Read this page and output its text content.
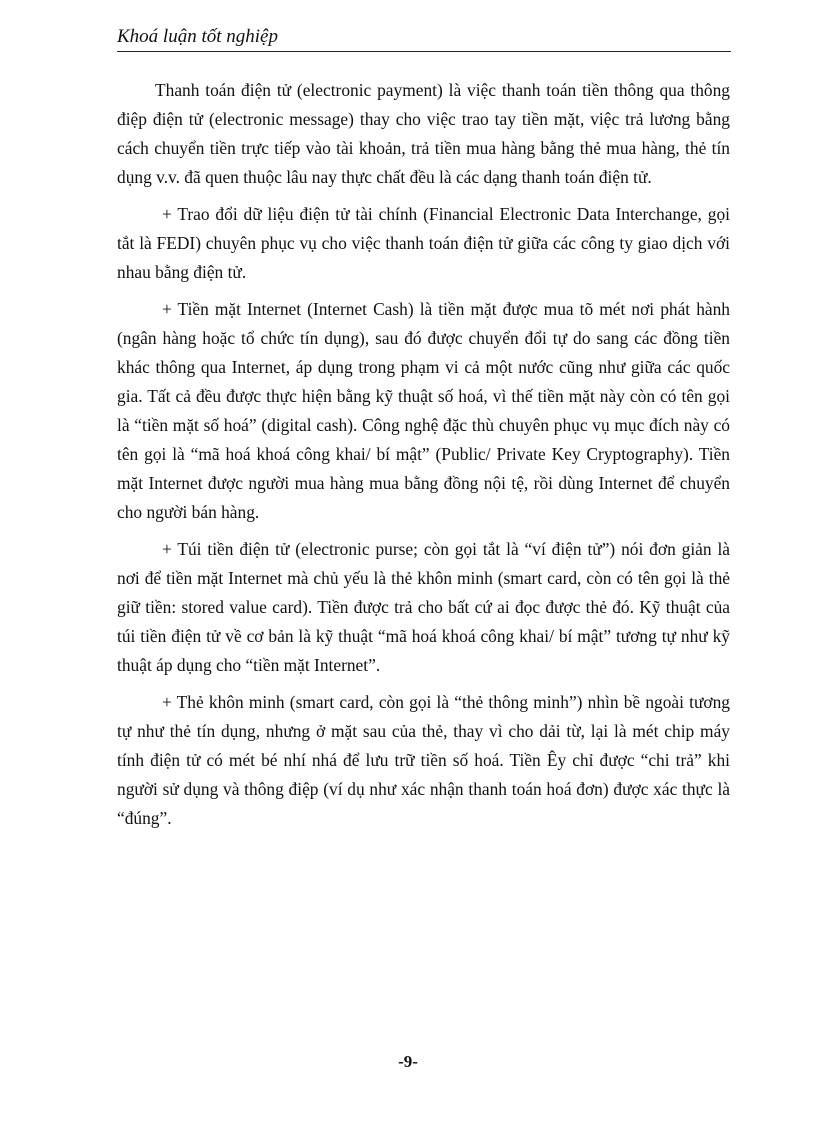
Khoá luận tốt nghiệp

Thanh toán điện tử (electronic payment) là việc thanh toán tiền thông qua thông điệp điện tử (electronic message) thay cho việc trao tay tiền mặt, việc trả lương bằng cách chuyển tiền trực tiếp vào tài khoản, trả tiền mua hàng bằng thẻ mua hàng, thẻ tín dụng v.v. đã quen thuộc lâu nay thực chất đều là các dạng thanh toán điện tử.

+ Trao đổi dữ liệu điện tử tài chính (Financial Electronic Data Interchange, gọi tắt là FEDI) chuyên phục vụ cho việc thanh toán điện tử giữa các công ty giao dịch với nhau bằng điện tử.

+ Tiền mặt Internet (Internet Cash) là tiền mặt được mua tõ mét nơi phát hành (ngân hàng hoặc tổ chức tín dụng), sau đó được chuyển đổi tự do sang các đồng tiền khác thông qua Internet, áp dụng trong phạm vi cả một nước cũng như giữa các quốc gia. Tất cả đều được thực hiện bằng kỹ thuật số hoá, vì thế tiền mặt này còn có tên gọi là “tiền mặt số hoá” (digital cash). Công nghệ đặc thù chuyên phục vụ mục đích này có tên gọi là “mã hoá khoá công khai/ bí mật” (Public/ Private Key Cryptography). Tiền mặt Internet được người mua hàng mua bằng đồng nội tệ, rồi dùng Internet để chuyển cho người bán hàng.

+ Túi tiền điện tử (electronic purse; còn gọi tắt là “ví điện tử”) nói đơn giản là nơi để tiền mặt Internet mà chủ yếu là thẻ khôn minh (smart card, còn có tên gọi là thẻ giữ tiền: stored value card). Tiền được trả cho bất cứ ai đọc được thẻ đó. Kỹ thuật của túi tiền điện tử về cơ bản là kỹ thuật “mã hoá khoá công khai/ bí mật” tương tự như kỹ thuật áp dụng cho “tiền mặt Internet”.

+ Thẻ khôn minh (smart card, còn gọi là “thẻ thông minh”) nhìn bề ngoài tương tự như thẻ tín dụng, nhưng ở mặt sau của thẻ, thay vì cho dải từ, lại là mét chip máy tính điện tử có mét bé nhí nhá để lưu trữ tiền số hoá. Tiền Êy chỉ được “chi trả” khi người sử dụng và thông điệp (ví dụ như xác nhận thanh toán hoá đơn) được xác thực là “đúng”.

-9-
